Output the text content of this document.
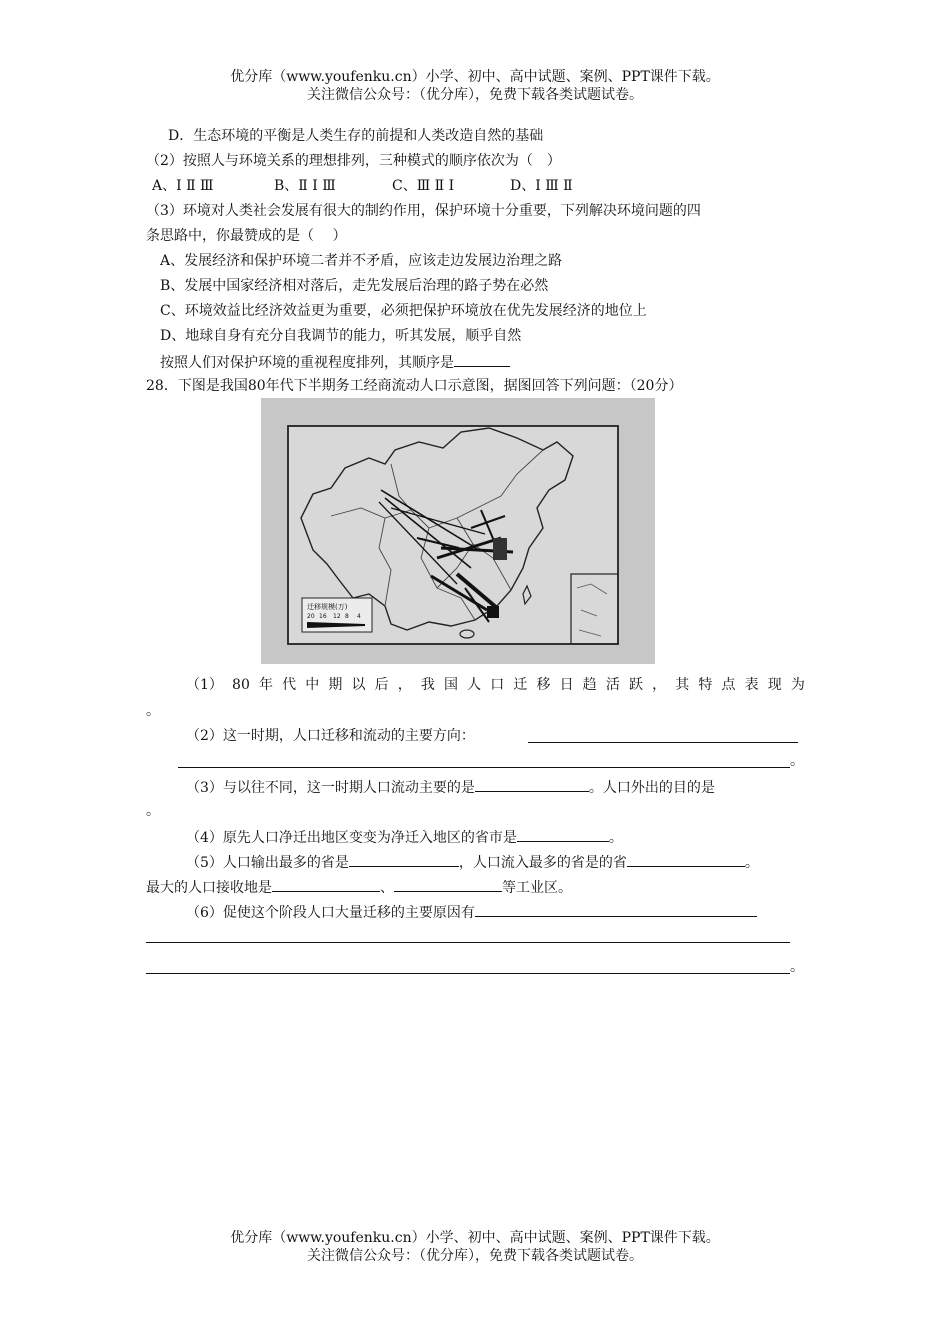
优分库（www.youfenku.cn）小学、初中、高中试题、案例、PPT课件下载。
关注微信公众号：（优分库），免费下载各类试题试卷。
D．生态环境的平衡是人类生存的前提和人类改造自然的基础
（2）按照人与环境关系的理想排列，三种模式的顺序依次为（　）
A、Ⅰ Ⅱ Ⅲ	B、Ⅱ Ⅰ Ⅲ	C、Ⅲ Ⅱ Ⅰ	D、Ⅰ Ⅲ Ⅱ
（3）环境对人类社会发展有很大的制约作用，保护环境十分重要，下列解决环境问题的四
条思路中，你最赞成的是（　 ）
A、发展经济和保护环境二者并不矛盾，应该走边发展边治理之路
B、发展中国家经济相对落后，走先发展后治理的路子势在必然
C、环境效益比经济效益更为重要，必须把保护环境放在优先发展经济的地位上
D、地球自身有充分自我调节的能力，听其发展，顺乎自然
按照人们对保护环境的重视程度排列，其顺序是
28．下图是我国80年代下半期务工经商流动人口示意图，据图回答下列问题：（20分）
迁移规模(万)
20 16 12 8 4
（1） 80 年 代 中 期 以 后 ， 我 国 人 口 迁 移 日 趋 活 跃 ， 其 特 点 表 现 为
。
（2）这一时期，人口迁移和流动的主要方向：
。
（3）与以往不同，这一时期人口流动主要的是	。人口外出的目的是
。
（4）原先人口净迁出地区变变为净迁入地区的省市是	。
（5）人口输出最多的省是	，人口流入最多的省是的省	。
最大的人口接收地是	、	等工业区。
（6）促使这个阶段人口大量迁移的主要原因有
。
优分库（www.youfenku.cn）小学、初中、高中试题、案例、PPT课件下载。
关注微信公众号：（优分库），免费下载各类试题试卷。
